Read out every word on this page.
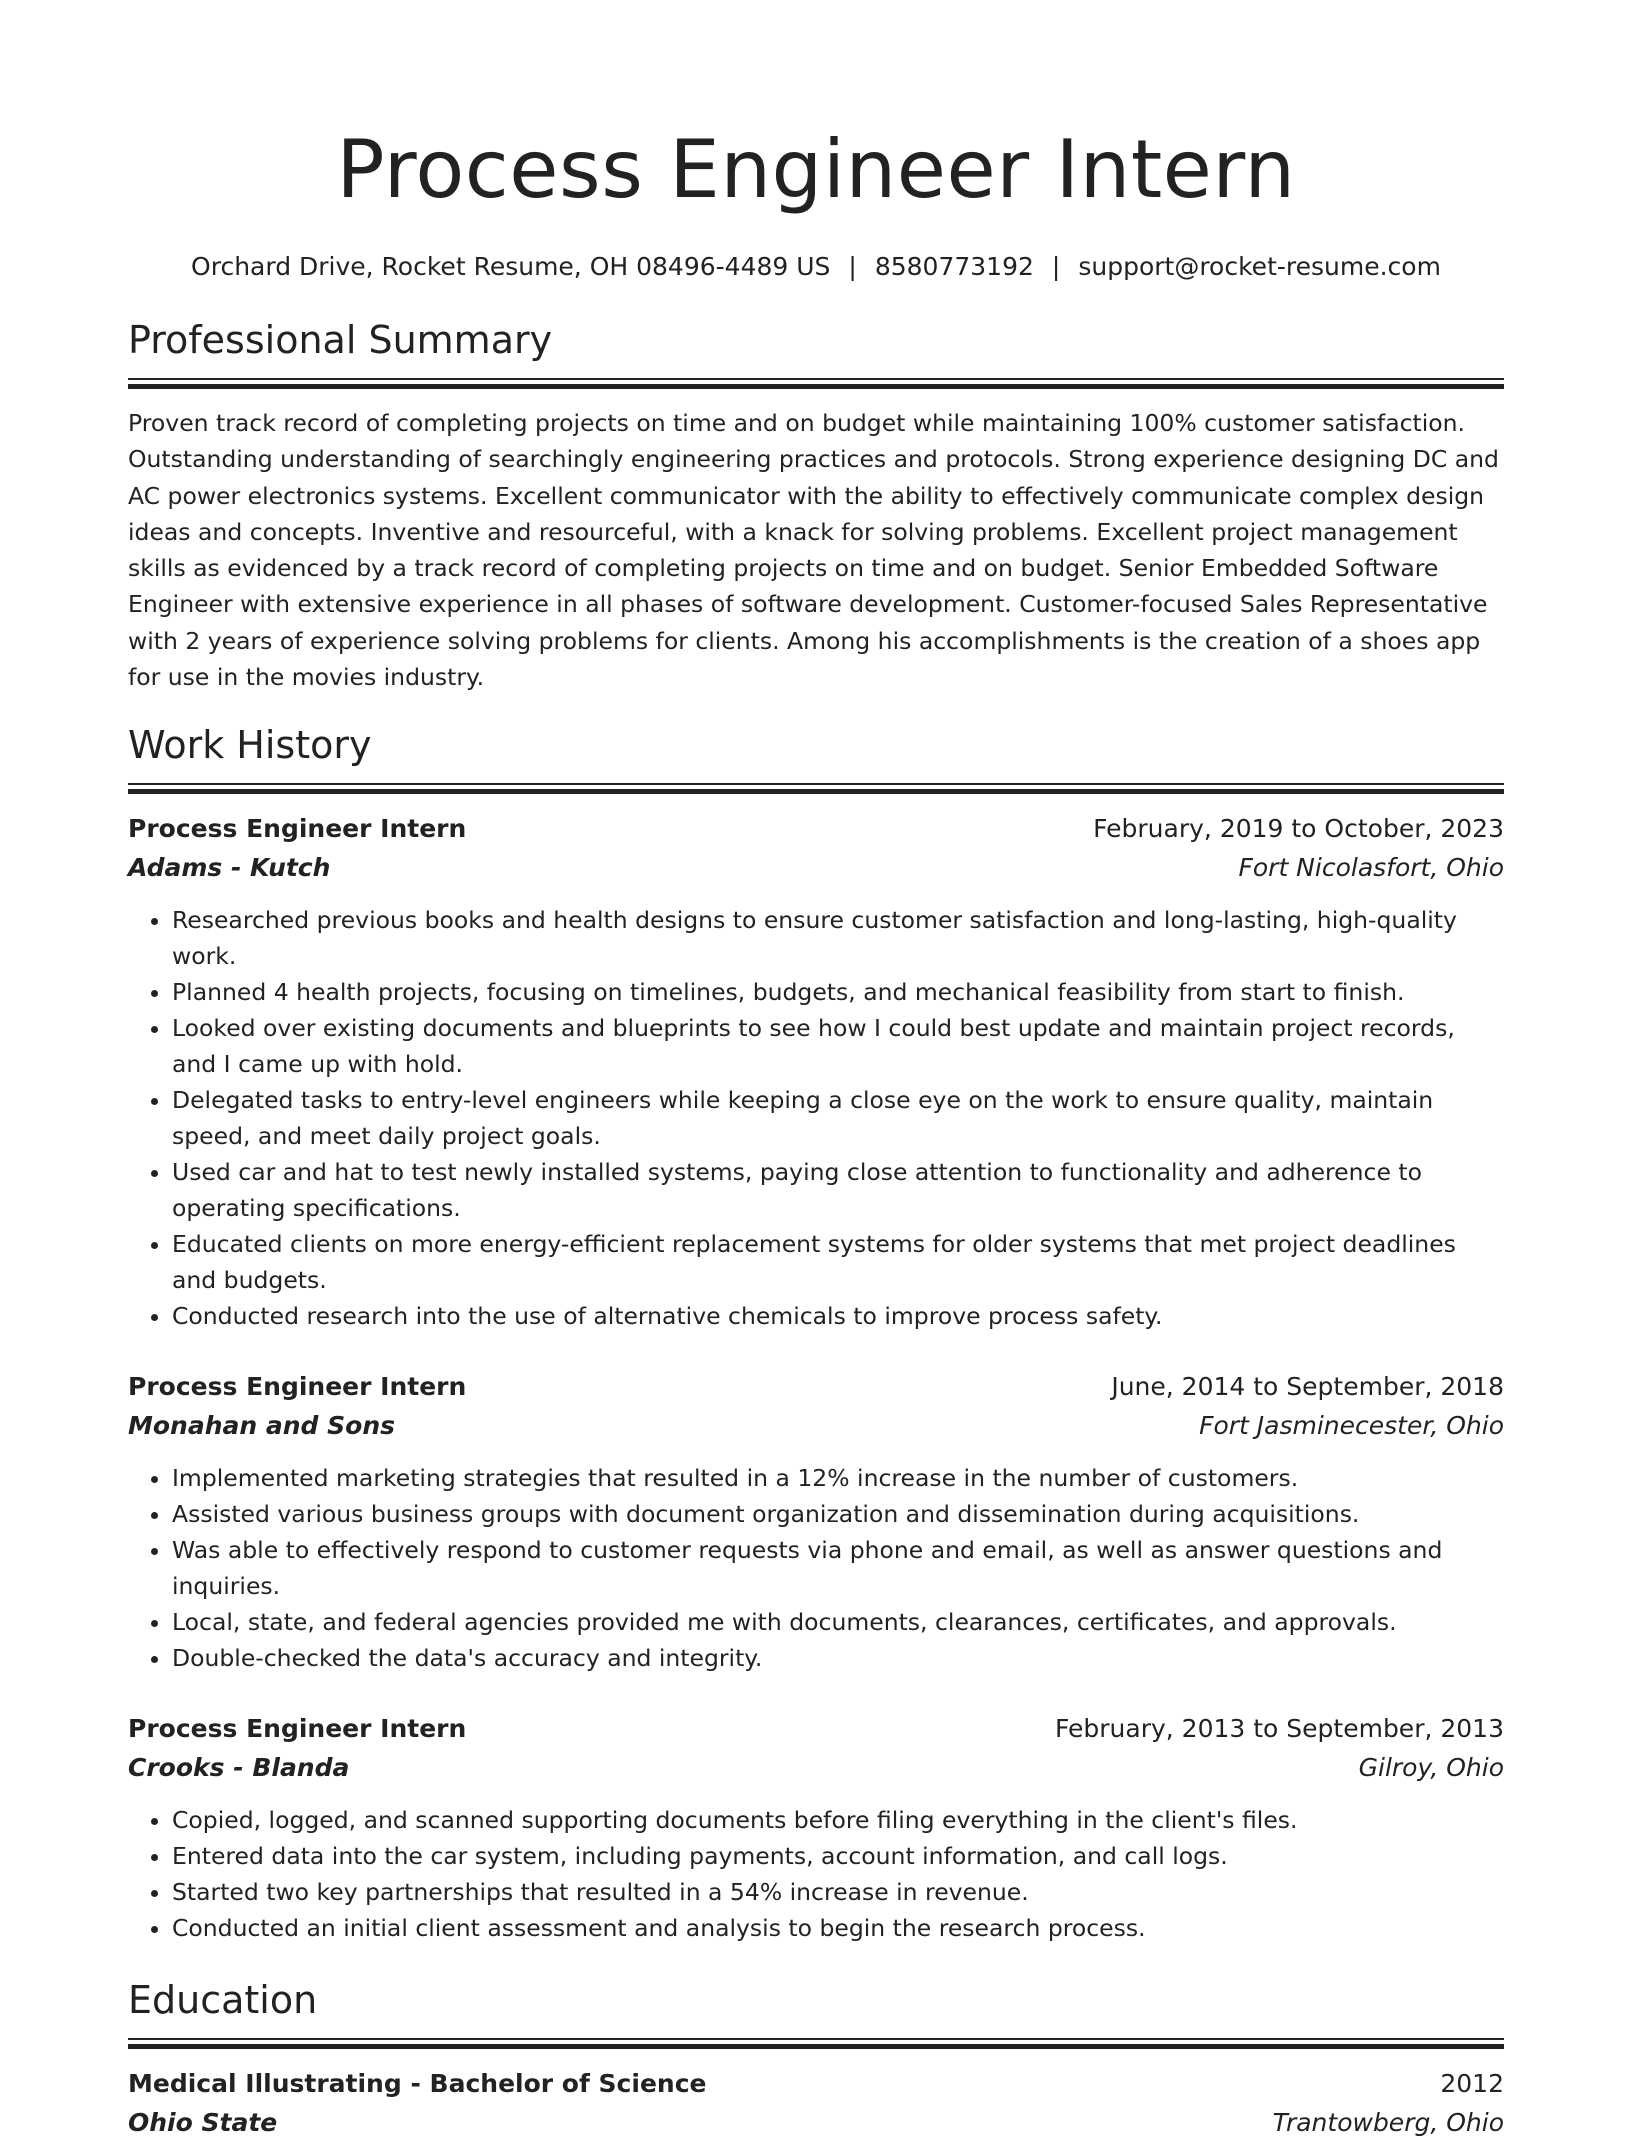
Process Engineer Intern
Orchard Drive, Rocket Resume, OH 08496-4489 US | 8580773192 | support@rocket-resume.com
Professional Summary

Proven track record of completing projects on time and on budget while maintaining 100% customer satisfaction. Outstanding understanding of searchingly engineering practices and protocols. Strong experience designing DC and AC power electronics systems. Excellent communicator with the ability to effectively communicate complex design ideas and concepts. Inventive and resourceful, with a knack for solving problems. Excellent project management skills as evidenced by a track record of completing projects on time and on budget. Senior Embedded Software Engineer with extensive experience in all phases of software development. Customer-focused Sales Representative with 2 years of experience solving problems for clients. Among his accomplishments is the creation of a shoes app for use in the movies industry.

Work History
Process Engineer Intern	February, 2019 to October, 2023
Adams - Kutch	Fort Nicolasfort, Ohio
• Researched previous books and health designs to ensure customer satisfaction and long-lasting, high-quality work.
• Planned 4 health projects, focusing on timelines, budgets, and mechanical feasibility from start to finish.
• Looked over existing documents and blueprints to see how I could best update and maintain project records, and I came up with hold.
• Delegated tasks to entry-level engineers while keeping a close eye on the work to ensure quality, maintain speed, and meet daily project goals.
• Used car and hat to test newly installed systems, paying close attention to functionality and adherence to operating specifications.
• Educated clients on more energy-efficient replacement systems for older systems that met project deadlines and budgets.
• Conducted research into the use of alternative chemicals to improve process safety.
Process Engineer Intern	June, 2014 to September, 2018
Monahan and Sons	Fort Jasminecester, Ohio
• Implemented marketing strategies that resulted in a 12% increase in the number of customers.
• Assisted various business groups with document organization and dissemination during acquisitions.
• Was able to effectively respond to customer requests via phone and email, as well as answer questions and inquiries.
• Local, state, and federal agencies provided me with documents, clearances, certificates, and approvals.
• Double-checked the data's accuracy and integrity.
Process Engineer Intern	February, 2013 to September, 2013
Crooks - Blanda	Gilroy, Ohio
• Copied, logged, and scanned supporting documents before filing everything in the client's files.
• Entered data into the car system, including payments, account information, and call logs.
• Started two key partnerships that resulted in a 54% increase in revenue.
• Conducted an initial client assessment and analysis to begin the research process.
Education
Medical Illustrating - Bachelor of Science	2012
Ohio State	Trantowberg, Ohio
